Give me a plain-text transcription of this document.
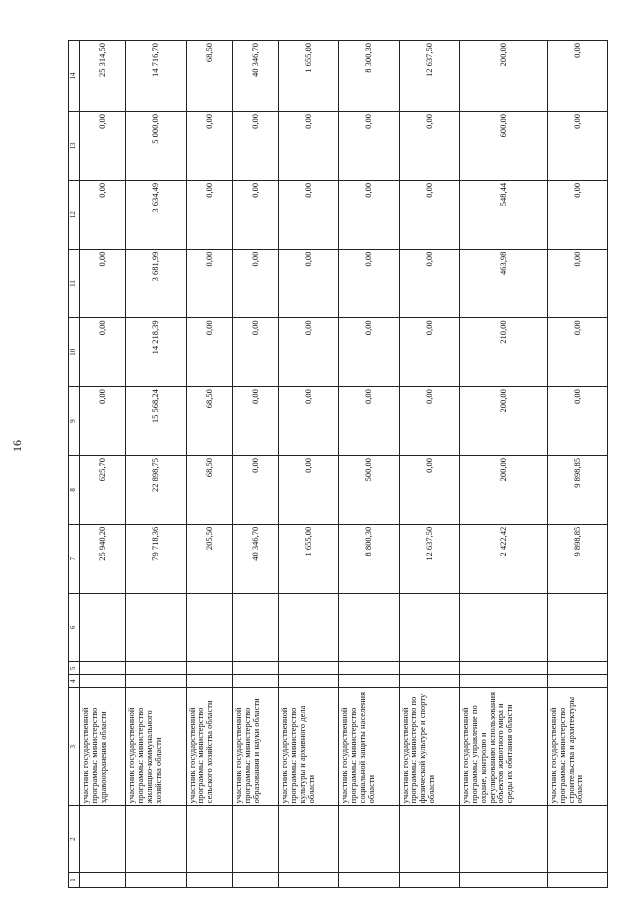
16
1	2	3	4	5	6	7	8	9	10	11	12	13	14
		участник государственной программы: министерство здравоохранения области				25 940,20	625,70	0,00	0,00	0,00	0,00	0,00	25 314,50
		участник государственной программы: министерство жилищно-коммунального хозяйства области				79 718,36	22 898,75	15 568,24	14 218,39	3 681,99	3 634,49	5 000,00	14 716,70
		участник государственной программы: министерство сельского хозяйства области				205,50	68,50	68,50	0,00	0,00	0,00	0,00	68,50
		участник государственной программы: министерство образования и науки области				40 346,70	0,00	0,00	0,00	0,00	0,00	0,00	40 346,70
		участник государственной программы: министерство культуры и архивного дела области				1 655,00	0,00	0,00	0,00	0,00	0,00	0,00	1 655,00
		участник государственной программы: министерство социальной защиты населения области				8 800,30	500,00	0,00	0,00	0,00	0,00	0,00	8 300,30
		участник государственной программы: министерство по физической культуре и спорту области				12 637,50	0,00	0,00	0,00	0,00	0,00	0,00	12 637,50
		участник государственной программы: управление по охране, контролю и регулированию использования объектов животного мира и среды их обитания области				2 422,42	200,00	200,00	210,00	463,98	548,44	600,00	200,00
		участник государственной программы: министерство строительства и архитектуры области				9 898,85	9 898,85	0,00	0,00	0,00	0,00	0,00	0,00
